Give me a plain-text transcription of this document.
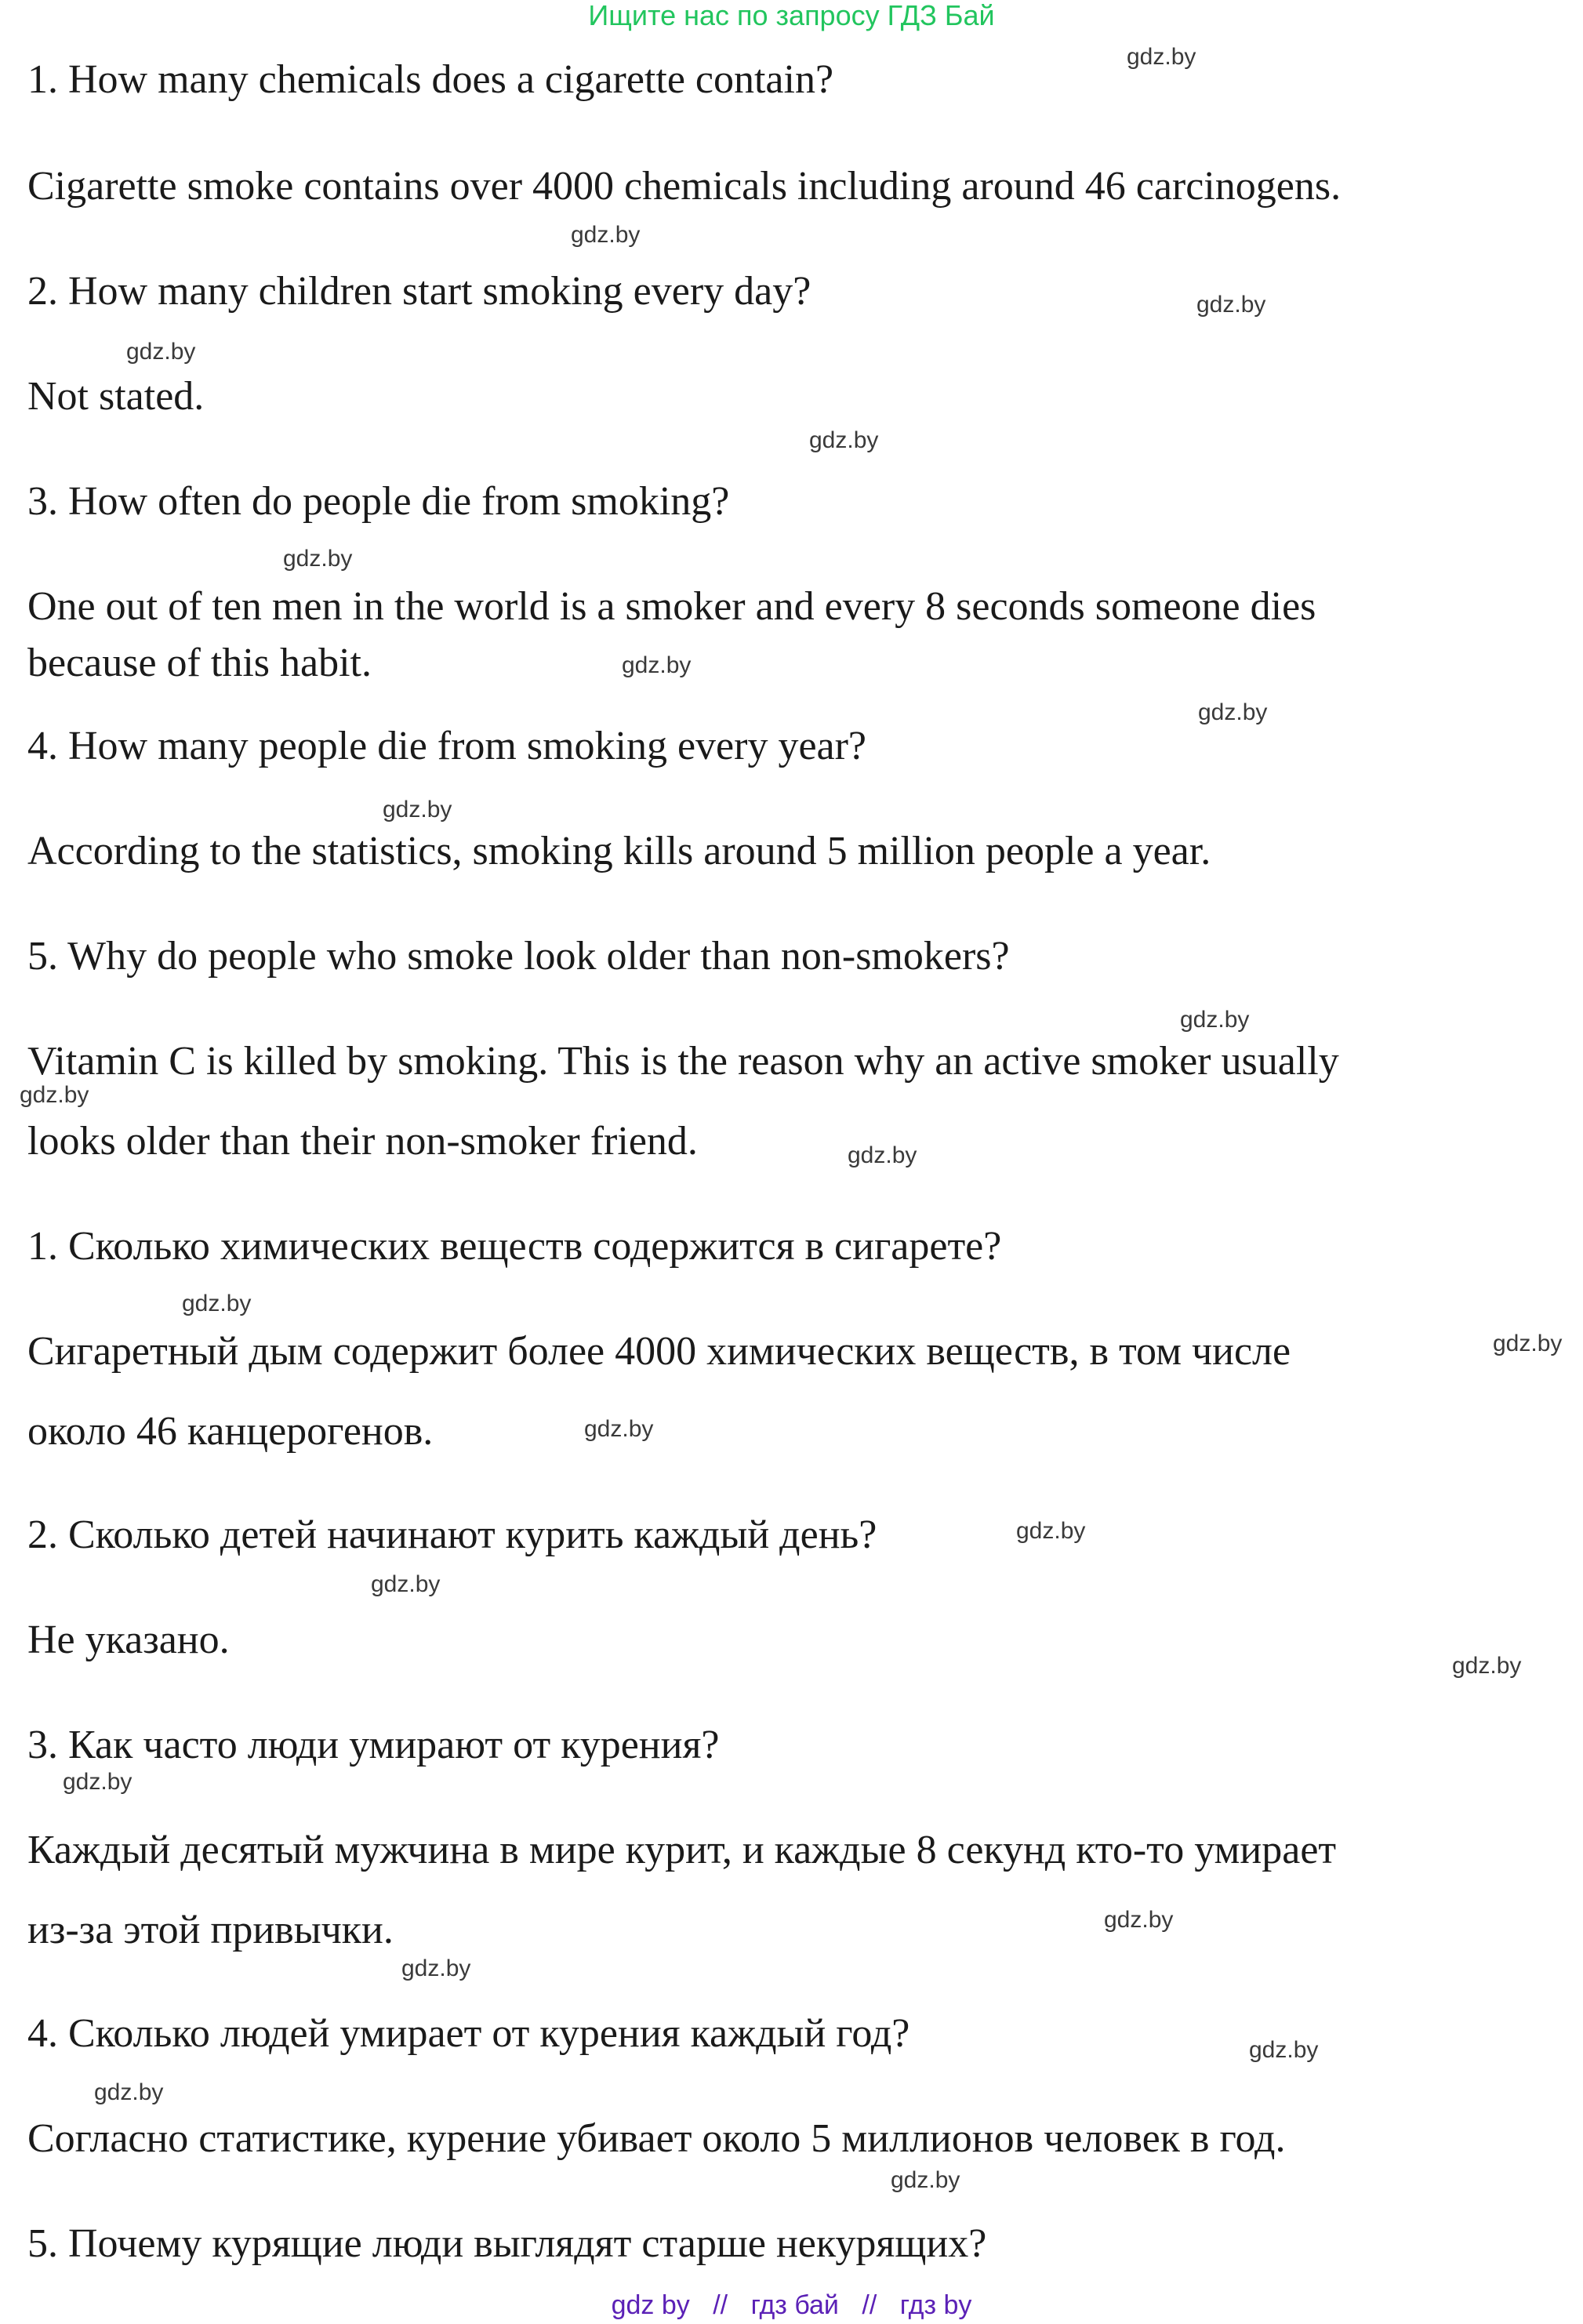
Ищите нас по запросу ГДЗ Бай
1. How many chemicals does a cigarette contain?
Cigarette smoke contains over 4000 chemicals including around 46 carcinogens.
2. How many children start smoking every day?
Not stated.
3. How often do people die from smoking?
One out of ten men in the world is a smoker and every 8 seconds someone dies
because of this habit.
4. How many people die from smoking every year?
According to the statistics, smoking kills around 5 million people a year.
5. Why do people who smoke look older than non-smokers?
Vitamin C is killed by smoking. This is the reason why an active smoker usually
looks older than their non-smoker friend.
1. Сколько химических веществ содержится в сигарете?
Сигаретный дым содержит более 4000 химических веществ, в том числе
около 46 канцерогенов.
2. Сколько детей начинают курить каждый день?
Не указано.
3. Как часто люди умирают от курения?
Каждый десятый мужчина в мире курит, и каждые 8 секунд кто-то умирает
из-за этой привычки.
4. Сколько людей умирает от курения каждый год?
Согласно статистике, курение убивает около 5 миллионов человек в год.
5. Почему курящие люди выглядят старше некурящих?
gdz.by
gdz.by
gdz.by
gdz.by
gdz.by
gdz.by
gdz.by
gdz.by
gdz.by
gdz.by
gdz.by
gdz.by
gdz.by
gdz.by
gdz.by
gdz.by
gdz.by
gdz.by
gdz.by
gdz.by
gdz.by
gdz.by
gdz.by
gdz.by
gdz by // гдз бай // гдз by
